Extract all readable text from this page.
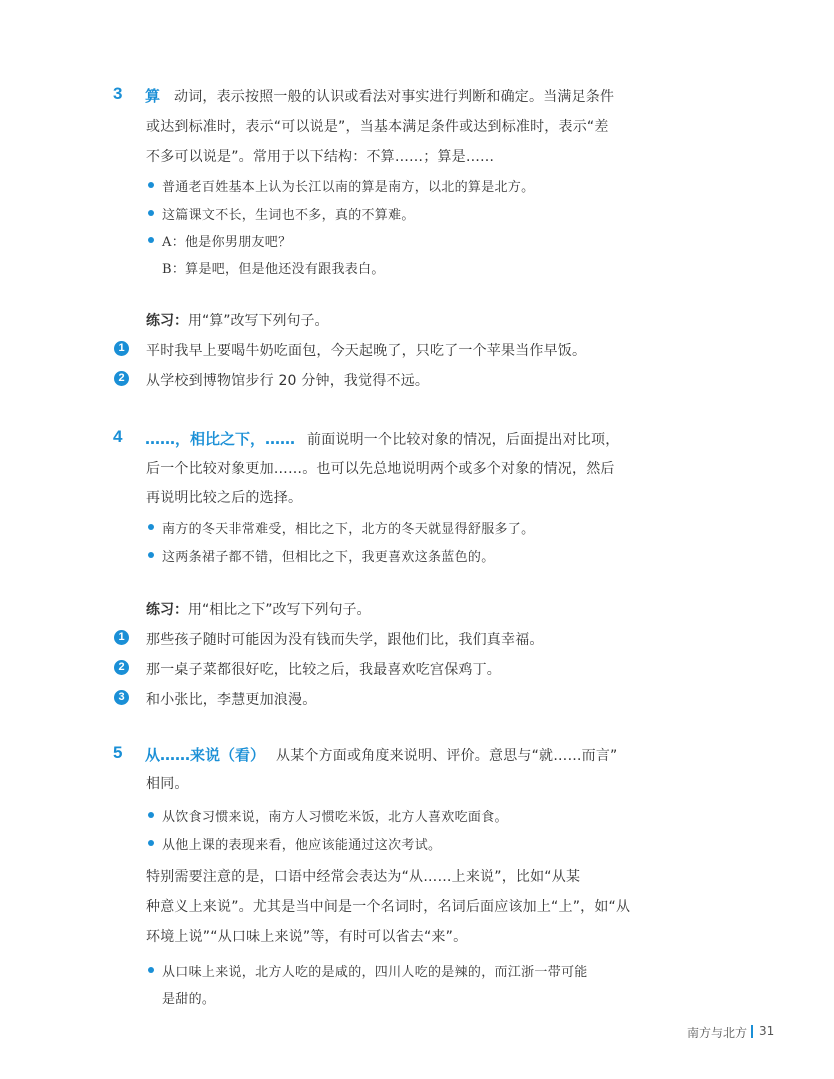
3 算 动词，表示按照一般的认识或看法对事实进行判断和确定。当满足条件
或达到标准时，表示“可以说是”，当基本满足条件或达到标准时，表示“差
不多可以说是”。常用于以下结构：不算……；算是……
普通老百姓基本上认为长江以南的算是南方，以北的算是北方。
这篇课文不长，生词也不多，真的不算难。
A：他是你男朋友吧？
B：算是吧，但是他还没有跟我表白。
练习：用“算”改写下列句子。
1	平时我早上要喝牛奶吃面包，今天起晚了，只吃了一个苹果当作早饭。
2	从学校到博物馆步行 20 分钟，我觉得不远。
4 ……，相比之下，…… 前面说明一个比较对象的情况，后面提出对比项，
后一个比较对象更加……。也可以先总地说明两个或多个对象的情况，然后
再说明比较之后的选择。
南方的冬天非常难受，相比之下，北方的冬天就显得舒服多了。
这两条裙子都不错，但相比之下，我更喜欢这条蓝色的。
练习：用“相比之下”改写下列句子。
1	那些孩子随时可能因为没有钱而失学，跟他们比，我们真幸福。
2	那一桌子菜都很好吃，比较之后，我最喜欢吃宫保鸡丁。
3	和小张比，李慧更加浪漫。
5 从……来说（看） 从某个方面或角度来说明、评价。意思与“就……而言”
相同。
从饮食习惯来说，南方人习惯吃米饭，北方人喜欢吃面食。
从他上课的表现来看，他应该能通过这次考试。
特别需要注意的是，口语中经常会表达为“从……上来说”，比如“从某
种意义上来说”。尤其是当中间是一个名词时，名词后面应该加上“上”，如“从
环境上说”“从口味上来说”等，有时可以省去“来”。
从口味上来说，北方人吃的是咸的，四川人吃的是辣的，而江浙一带可能
是甜的。
南方与北方 31
